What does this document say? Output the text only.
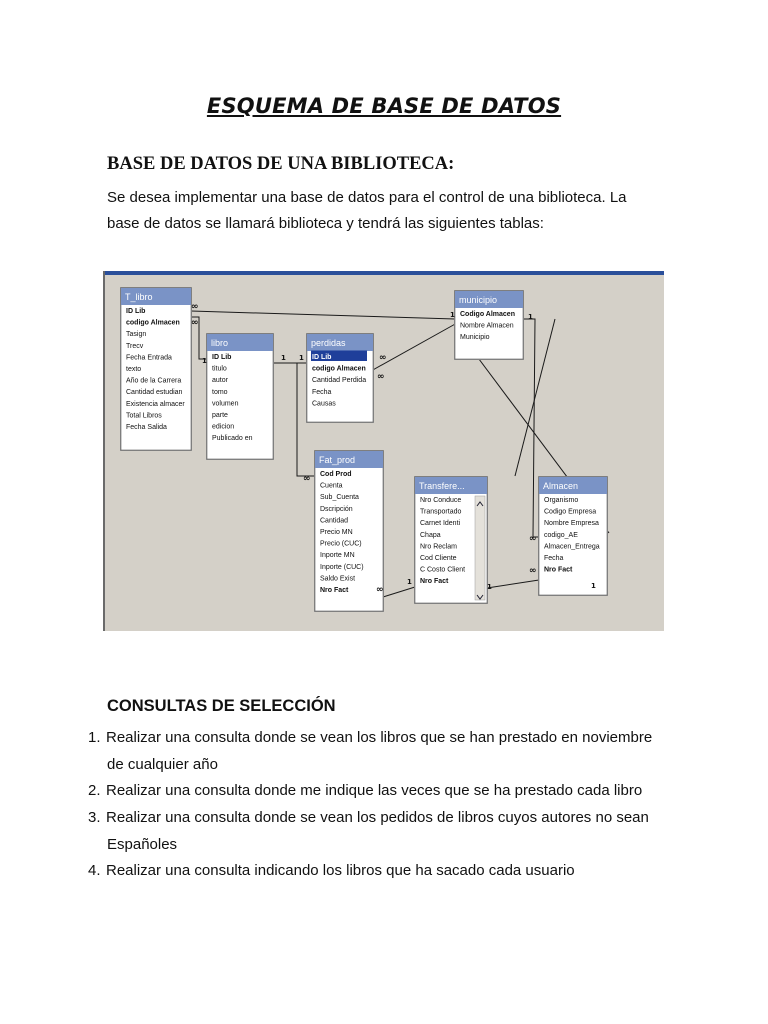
ESQUEMA DE BASE DE DATOS
BASE DE DATOS DE UNA BIBLIOTECA:
Se desea implementar una base de datos para el control de una biblioteca. La
base de datos se llamará biblioteca y tendrá las siguientes tablas:
T_libro
ID Lib
codigo Almacen
Tasign
Trecv
Fecha Entrada
texto
Año de la Carrera
Cantidad estudian
Existencia almacer
Total Libros
Fecha Salida
libro
ID Lib
titulo
autor
tomo
volumen
parte
edicion
Publicado en
perdidas
ID Lib
codigo Almacen
Cantidad Perdida
Fecha
Causas
municipio
Codigo Almacen
Nombre Almacen
Municipio
Fat_prod
Cod Prod
Cuenta
Sub_Cuenta
Dscripción
Cantidad
Precio MN
Precio (CUC)
Inporte MN
Inporte (CUC)
Saldo Exist
Nro Fact
Transfere...
Nro Conduce
Transportado
Carnet Identi
Chapa
Nro Reclam
Cod Cliente
C Costo Client
Nro Fact
Almacen
Organismo
Codigo Empresa
Nombre Empresa
codigo_AE
Almacen_Entrega
Fecha
Nro Fact
∞
∞
1	1 1
∞
∞
∞
1	1
∞
1
1
∞
∞
1
CONSULTAS DE SELECCIÓN
1. Realizar una consulta donde se vean los libros que se han prestado en noviembre
de cualquier año
2. Realizar una consulta donde me indique las veces que se ha prestado cada libro
3. Realizar una consulta donde se vean los pedidos de libros cuyos autores no sean
Españoles
4. Realizar una consulta indicando los libros que ha sacado cada usuario
